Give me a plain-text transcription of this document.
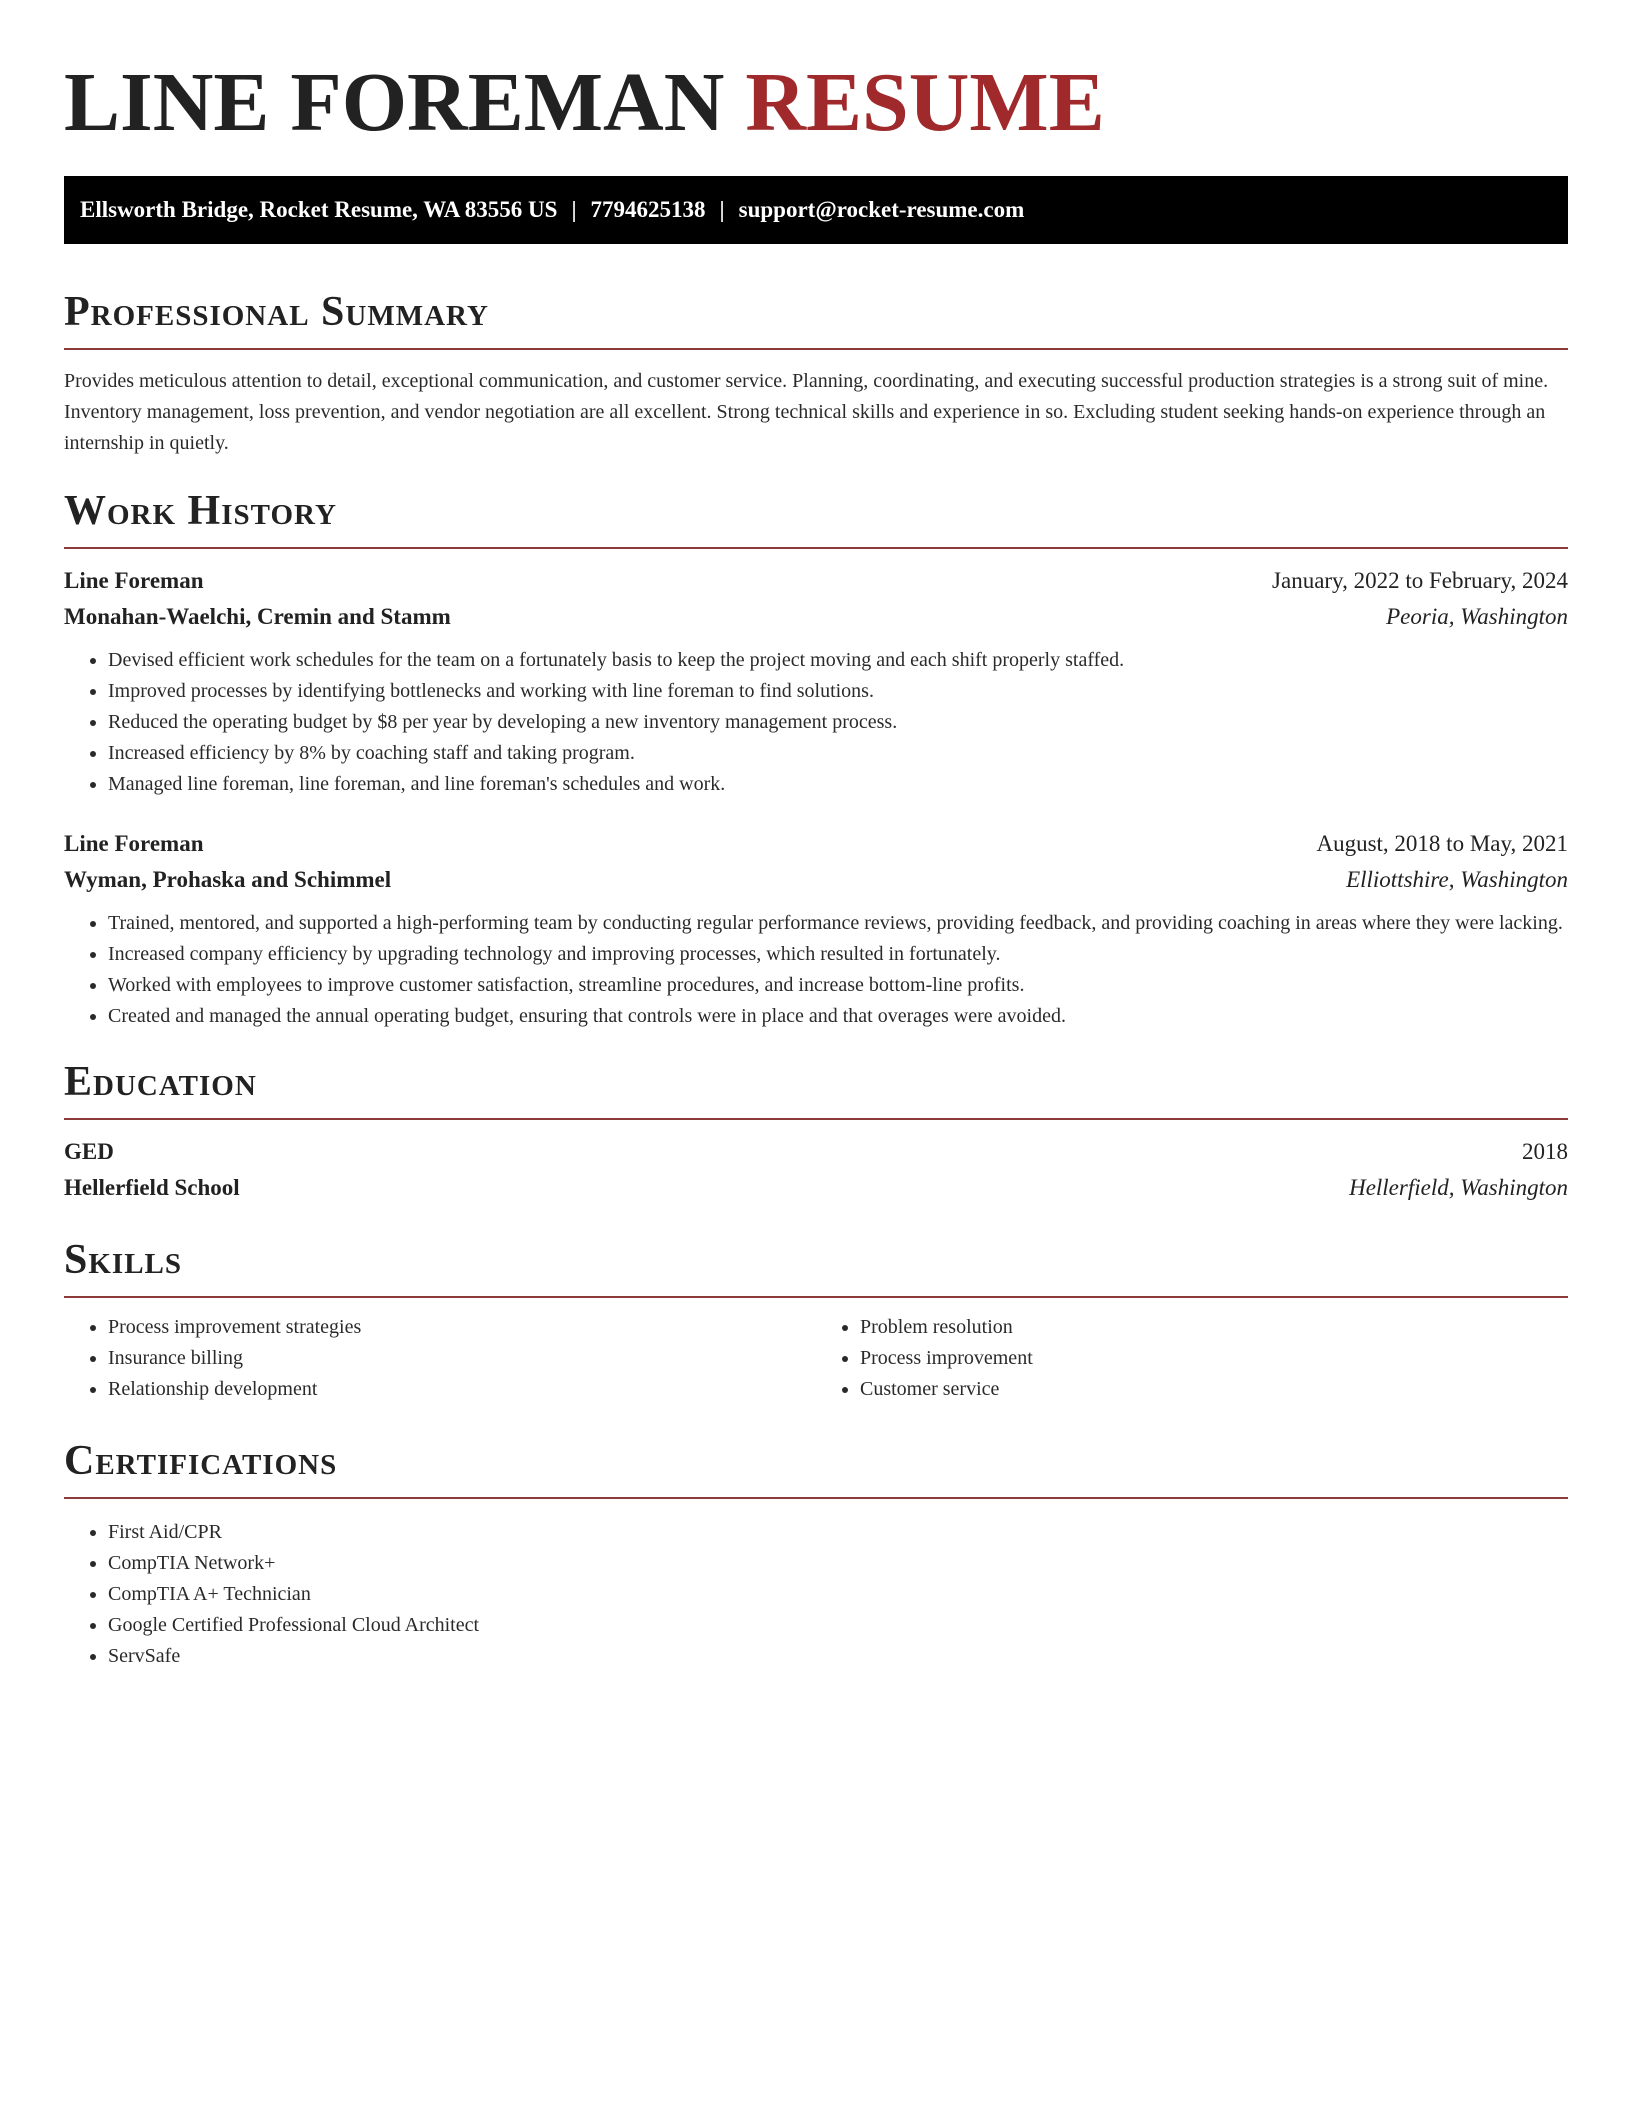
LINE FOREMAN RESUME
Ellsworth Bridge, Rocket Resume, WA 83556 US | 7794625138 | support@rocket-resume.com
Professional Summary

Provides meticulous attention to detail, exceptional communication, and customer service. Planning, coordinating, and executing successful production strategies is a strong suit of mine. Inventory management, loss prevention, and vendor negotiation are all excellent. Strong technical skills and experience in so. Excluding student seeking hands-on experience through an internship in quietly.

Work History
Line Foreman	January, 2022 to February, 2024
Monahan-Waelchi, Cremin and Stamm	Peoria, Washington
• Devised efficient work schedules for the team on a fortunately basis to keep the project moving and each shift properly staffed.
• Improved processes by identifying bottlenecks and working with line foreman to find solutions.
• Reduced the operating budget by $8 per year by developing a new inventory management process.
• Increased efficiency by 8% by coaching staff and taking program.
• Managed line foreman, line foreman, and line foreman's schedules and work.
Line Foreman	August, 2018 to May, 2021
Wyman, Prohaska and Schimmel	Elliottshire, Washington
• Trained, mentored, and supported a high-performing team by conducting regular performance reviews, providing feedback, and providing coaching in areas where they were lacking.
• Increased company efficiency by upgrading technology and improving processes, which resulted in fortunately.
• Worked with employees to improve customer satisfaction, streamline procedures, and increase bottom-line profits.
• Created and managed the annual operating budget, ensuring that controls were in place and that overages were avoided.
Education
GED	2018
Hellerfield School	Hellerfield, Washington
Skills
• Process improvement strategies
• Insurance billing
• Relationship development
• Problem resolution
• Process improvement
• Customer service
Certifications
• First Aid/CPR
• CompTIA Network+
• CompTIA A+ Technician
• Google Certified Professional Cloud Architect
• ServSafe
